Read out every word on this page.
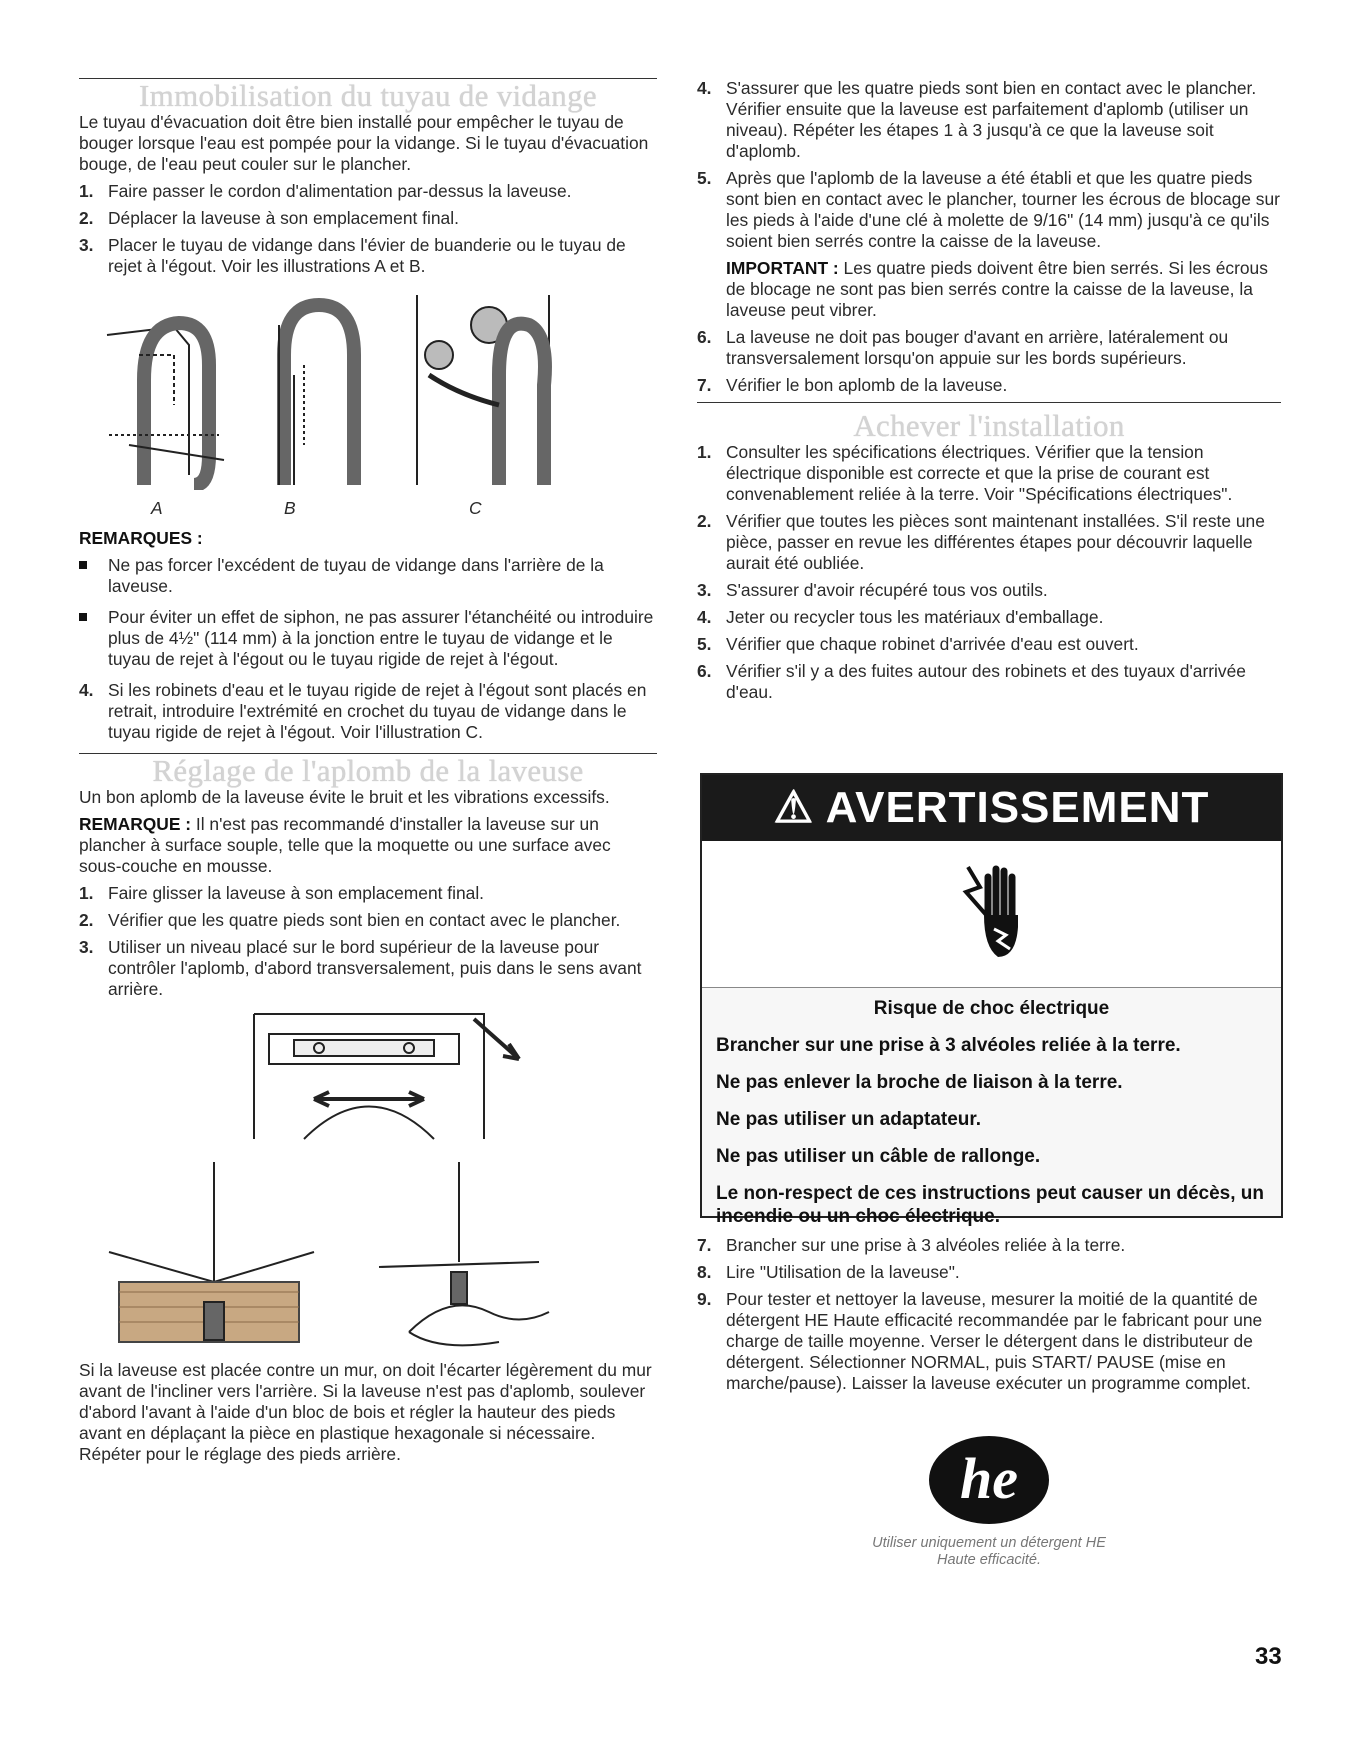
Immobilisation du tuyau de vidange

Le tuyau d'évacuation doit être bien installé pour empêcher le tuyau de bouger lorsque l'eau est pompée pour la vidange. Si le tuyau d'évacuation bouge, de l'eau peut couler sur le plancher.

1. Faire passer le cordon d'alimentation par-dessus la laveuse.
2. Déplacer la laveuse à son emplacement final.
3. Placer le tuyau de vidange dans l'évier de buanderie ou le tuyau de rejet à l'égout. Voir les illustrations A et B.
A	B	C

REMARQUES :

Ne pas forcer l'excédent de tuyau de vidange dans l'arrière de la laveuse.
Pour éviter un effet de siphon, ne pas assurer l'étanchéité ou introduire plus de 4½" (114 mm) à la jonction entre le tuyau de vidange et le tuyau de rejet à l'égout ou le tuyau rigide de rejet à l'égout.
4. Si les robinets d'eau et le tuyau rigide de rejet à l'égout sont placés en retrait, introduire l'extrémité en crochet du tuyau de vidange dans le tuyau rigide de rejet à l'égout. Voir l'illustration C.
Réglage de l'aplomb de la laveuse

Un bon aplomb de la laveuse évite le bruit et les vibrations excessifs.

REMARQUE : Il n'est pas recommandé d'installer la laveuse sur un plancher à surface souple, telle que la moquette ou une surface avec sous-couche en mousse.

1. Faire glisser la laveuse à son emplacement final.
2. Vérifier que les quatre pieds sont bien en contact avec le plancher.
3. Utiliser un niveau placé sur le bord supérieur de la laveuse pour contrôler l'aplomb, d'abord transversalement, puis dans le sens avant arrière.

Si la laveuse est placée contre un mur, on doit l'écarter légèrement du mur avant de l'incliner vers l'arrière. Si la laveuse n'est pas d'aplomb, soulever d'abord l'avant à l'aide d'un bloc de bois et régler la hauteur des pieds avant en déplaçant la pièce en plastique hexagonale si nécessaire. Répéter pour le réglage des pieds arrière.

4. S'assurer que les quatre pieds sont bien en contact avec le plancher. Vérifier ensuite que la laveuse est parfaitement d'aplomb (utiliser un niveau). Répéter les étapes 1 à 3 jusqu'à ce que la laveuse soit d'aplomb.
5. Après que l'aplomb de la laveuse a été établi et que les quatre pieds sont bien en contact avec le plancher, tourner les écrous de blocage sur les pieds à l'aide d'une clé à molette de 9/16" (14 mm) jusqu'à ce qu'ils soient bien serrés contre la caisse de la laveuse.

IMPORTANT : Les quatre pieds doivent être bien serrés. Si les écrous de blocage ne sont pas bien serrés contre la caisse de la laveuse, la laveuse peut vibrer.

6. La laveuse ne doit pas bouger d'avant en arrière, latéralement ou transversalement lorsqu'on appuie sur les bords supérieurs.
7. Vérifier le bon aplomb de la laveuse.
Achever l'installation
1. Consulter les spécifications électriques. Vérifier que la tension électrique disponible est correcte et que la prise de courant est convenablement reliée à la terre. Voir "Spécifications électriques".
2. Vérifier que toutes les pièces sont maintenant installées. S'il reste une pièce, passer en revue les différentes étapes pour découvrir laquelle aurait été oubliée.
3. S'assurer d'avoir récupéré tous vos outils.
4. Jeter ou recycler tous les matériaux d'emballage.
5. Vérifier que chaque robinet d'arrivée d'eau est ouvert.
6. Vérifier s'il y a des fuites autour des robinets et des tuyaux d'arrivée d'eau.
⚠ AVERTISSEMENT
Risque de choc électrique

Brancher sur une prise à 3 alvéoles reliée à la terre.

Ne pas enlever la broche de liaison à la terre.

Ne pas utiliser un adaptateur.

Ne pas utiliser un câble de rallonge.

Le non-respect de ces instructions peut causer un décès, un incendie ou un choc électrique.

7. Brancher sur une prise à 3 alvéoles reliée à la terre.
8. Lire "Utilisation de la laveuse".
9. Pour tester et nettoyer la laveuse, mesurer la moitié de la quantité de détergent HE Haute efficacité recommandée par le fabricant pour une charge de taille moyenne. Verser le détergent dans le distributeur de détergent. Sélectionner NORMAL, puis START/ PAUSE (mise en marche/pause). Laisser la laveuse exécuter un programme complet.
he
Utiliser uniquement un détergent HE
Haute efficacité.
33
